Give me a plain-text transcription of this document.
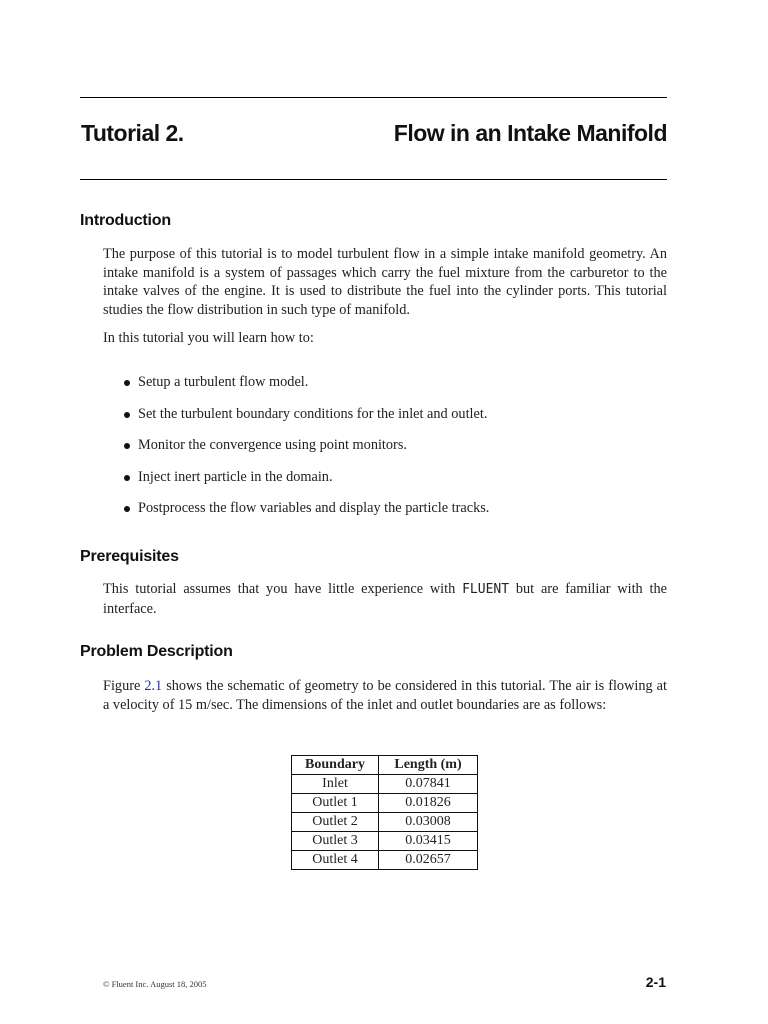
Tutorial 2.	Flow in an Intake Manifold
Introduction
The purpose of this tutorial is to model turbulent flow in a simple intake manifold geometry. An intake manifold is a system of passages which carry the fuel mixture from the carburetor to the intake valves of the engine. It is used to distribute the fuel into the cylinder ports. This tutorial studies the flow distribution in such type of manifold.
In this tutorial you will learn how to:
Setup a turbulent flow model.
Set the turbulent boundary conditions for the inlet and outlet.
Monitor the convergence using point monitors.
Inject inert particle in the domain.
Postprocess the flow variables and display the particle tracks.
Prerequisites
This tutorial assumes that you have little experience with FLUENT but are familiar with the interface.
Problem Description
Figure 2.1 shows the schematic of geometry to be considered in this tutorial. The air is flowing at a velocity of 15 m/sec. The dimensions of the inlet and outlet boundaries are as follows:
Boundary	Length (m)
Inlet	0.07841
Outlet 1	0.01826
Outlet 2	0.03008
Outlet 3	0.03415
Outlet 4	0.02657
© Fluent Inc. August 18, 2005	2-1
